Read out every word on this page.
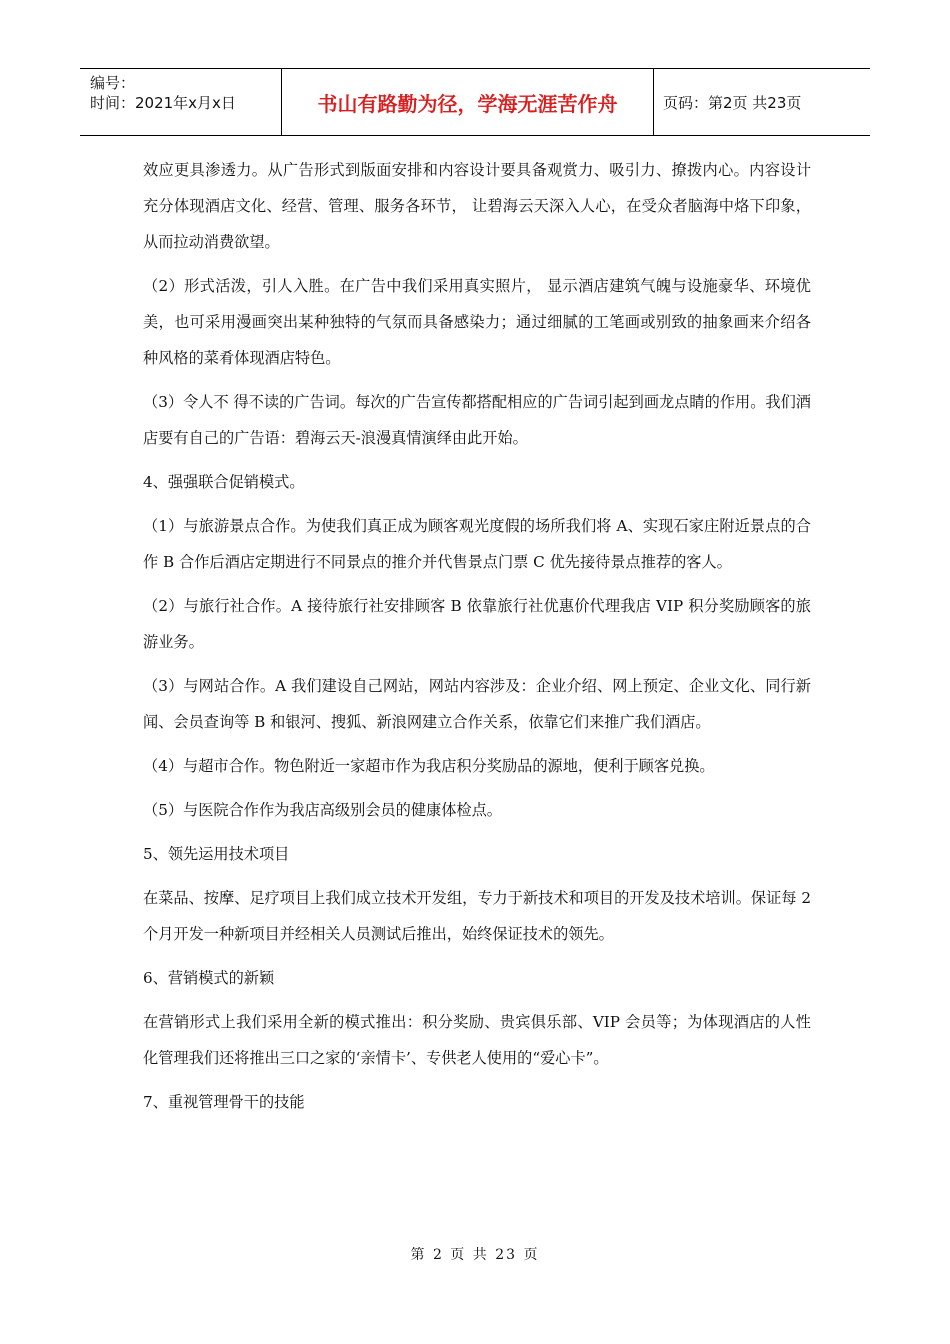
编号：
时间：2021年x月x日	书山有路勤为径，学海无涯苦作舟	页码：第2页 共23页

效应更具渗透力。从广告形式到版面安排和内容设计要具备观赏力、吸引力、撩拨内心。内容设计充分体现酒店文化、经营、管理、服务各环节， 让碧海云天深入人心，在受众者脑海中烙下印象，从而拉动消费欲望。

（2）形式活泼，引人入胜。在广告中我们采用真实照片， 显示酒店建筑气魄与设施豪华、环境优美，也可采用漫画突出某种独特的气氛而具备感染力；通过细腻的工笔画或别致的抽象画来介绍各种风格的菜肴体现酒店特色。

（3）令人不 得不读的广告词。每次的广告宣传都搭配相应的广告词引起到画龙点睛的作用。我们酒店要有自己的广告语：碧海云天-浪漫真情演绎由此开始。

4、强强联合促销模式。

（1）与旅游景点合作。为使我们真正成为顾客观光度假的场所我们将 A、实现石家庄附近景点的合作 B 合作后酒店定期进行不同景点的推介并代售景点门票 C 优先接待景点推荐的客人。

（2）与旅行社合作。A 接待旅行社安排顾客 B 依靠旅行社优惠价代理我店 VIP 积分奖励顾客的旅游业务。

（3）与网站合作。A 我们建设自己网站，网站内容涉及：企业介绍、网上预定、企业文化、同行新闻、会员查询等 B 和银河、搜狐、新浪网建立合作关系，依靠它们来推广我们酒店。

（4）与超市合作。物色附近一家超市作为我店积分奖励品的源地，便利于顾客兑换。

（5）与医院合作作为我店高级别会员的健康体检点。

5、领先运用技术项目

在菜品、按摩、足疗项目上我们成立技术开发组，专力于新技术和项目的开发及技术培训。保证每 2 个月开发一种新项目并经相关人员测试后推出，始终保证技术的领先。

6、营销模式的新颖

在营销形式上我们采用全新的模式推出：积分奖励、贵宾俱乐部、VIP 会员等；为体现酒店的人性化管理我们还将推出三口之家的‘亲情卡’、专供老人使用的“爱心卡”。

7、重视管理骨干的技能

第 2 页 共 23 页
